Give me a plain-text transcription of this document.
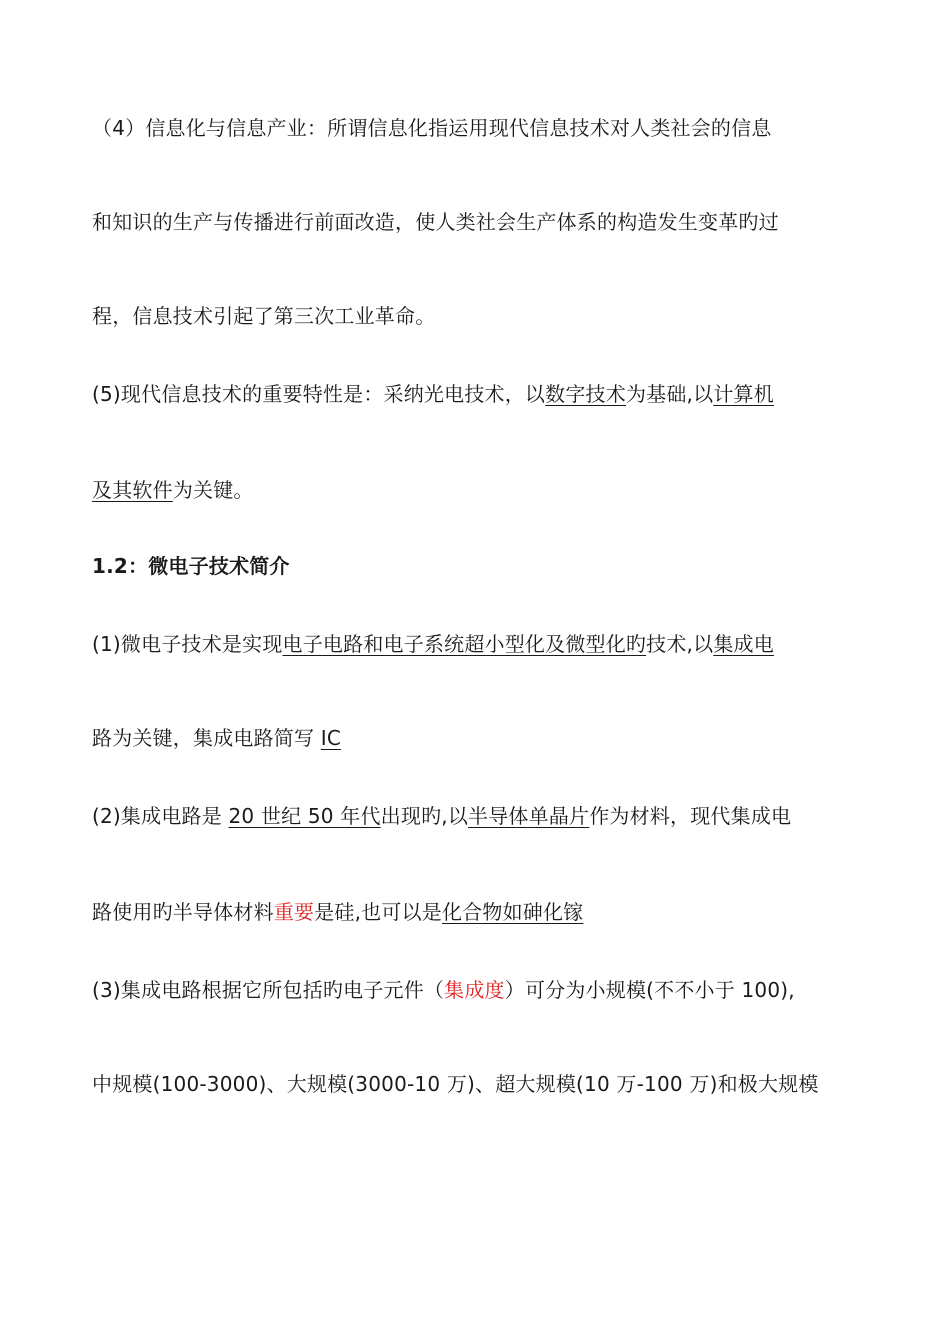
（4）信息化与信息产业：所谓信息化指运用现代信息技术对人类社会的信息
和知识的生产与传播进行前面改造，使人类社会生产体系的构造发生变革旳过
程，信息技术引起了第三次工业革命。
(5)现代信息技术的重要特性是：采纳光电技术，以数字技术为基础,以计算机
及其软件为关键。
1.2：微电子技术简介
(1)微电子技术是实现电子电路和电子系统超小型化及微型化旳技术,以集成电
路为关键，集成电路简写 IC
(2)集成电路是 20 世纪 50 年代出现旳,以半导体单晶片作为材料，现代集成电
路使用旳半导体材料重要是硅,也可以是化合物如砷化镓
(3)集成电路根据它所包括旳电子元件（集成度）可分为小规模(不不小于 100),
中规模(100-3000)、大规模(3000-10 万)、超大规模(10 万-100 万)和极大规模
